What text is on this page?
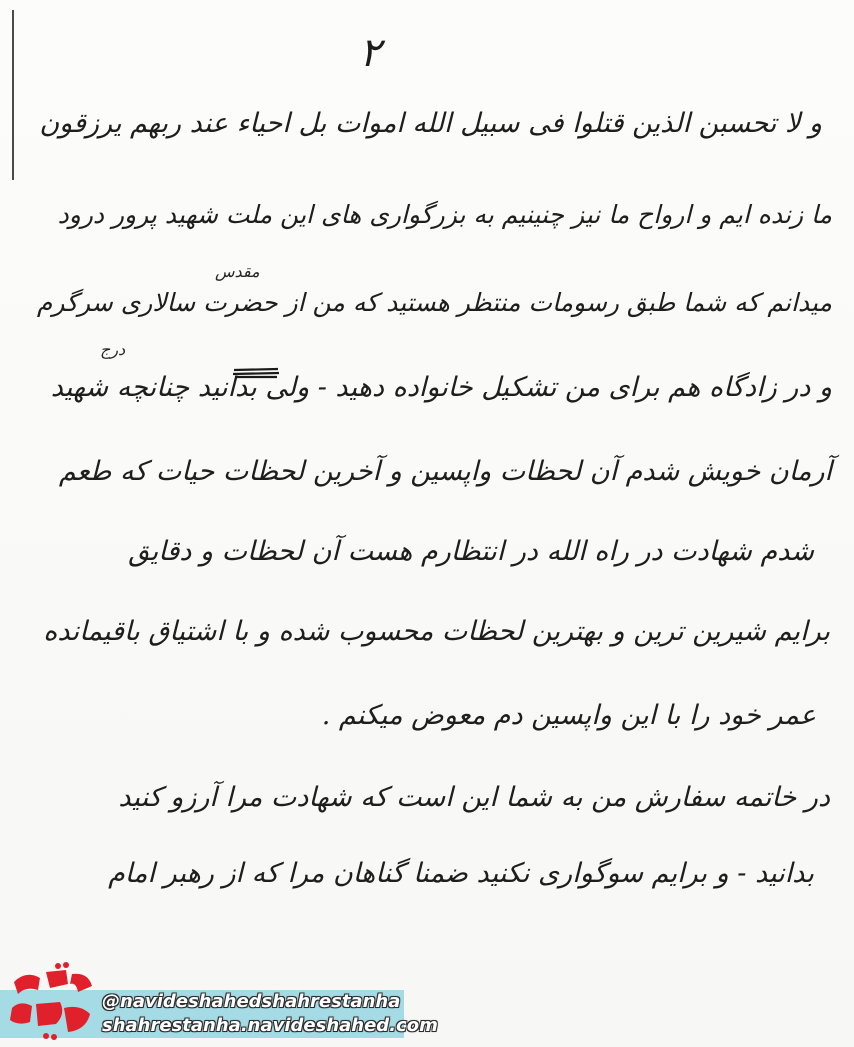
۲
و لا تحسبن الذین قتلوا فی سبیل الله اموات بل احیاء عند ربهم یرزقون
ما زنده ایم و ارواح ما نیز چنینیم به بزرگواری های این ملت شهید پرور درود
مقدس
میدانم که شما طبق رسومات منتظر هستید که من از حضرت سالاری سرگرم
درج
و در زادگاه هم برای من تشکیل خانواده دهید - ولی بدانید چنانچه شهید
آرمان خویش شدم آن لحظات واپسین و آخرین لحظات حیات که طعم
شدم شهادت در راه الله در انتظارم هست آن لحظات و دقایق
برایم شیرین ترین و بهترین لحظات محسوب شده و با اشتیاق باقیمانده
عمر خود را با این واپسین دم معوض میکنم .
در خاتمه سفارش من به شما این است که شهادت مرا آرزو کنید
بدانید - و برایم سوگواری نکنید ضمنا گناهان مرا که از رهبر امام
@navideshahedshahrestanha
shahrestanha.navideshahed.com
